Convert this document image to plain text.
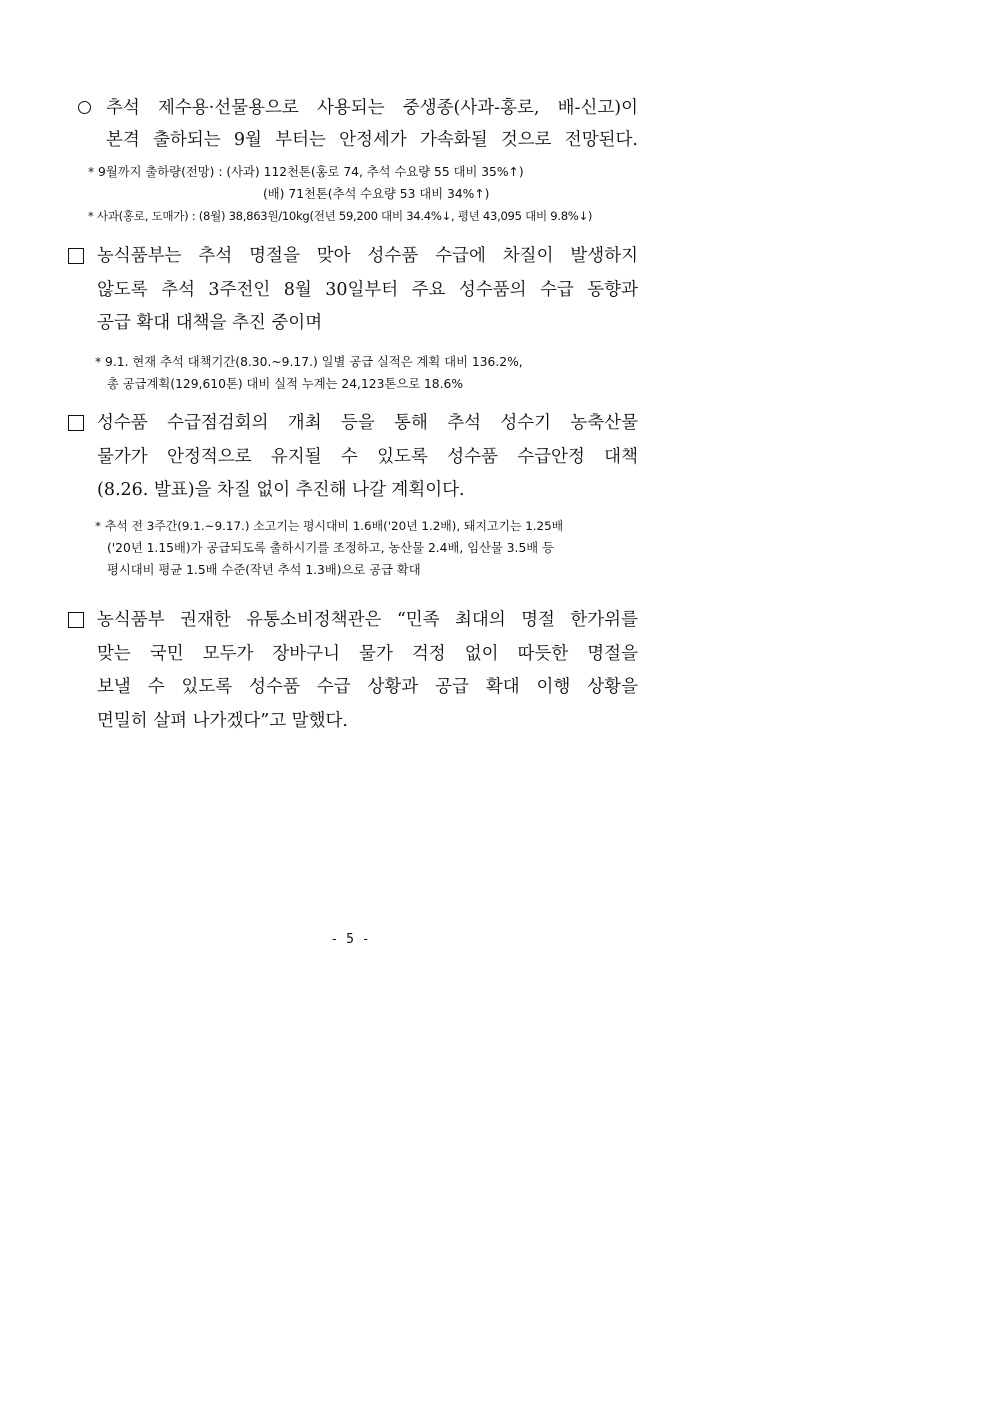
추석 제수용·선물용으로 사용되는 중생종(사과-홍로, 배-신고)이
본격 출하되는 9월 부터는 안정세가 가속화될 것으로 전망된다.
* 9월까지 출하량(전망) : (사과) 112천톤(홍로 74, 추석 수요량 55 대비 35%↑)
(배) 71천톤(추석 수요량 53 대비 34%↑)
* 사과(홍로, 도매가) : (8월) 38,863원/10kg(전년 59,200 대비 34.4%↓, 평년 43,095 대비 9.8%↓)
농식품부는 추석 명절을 맞아 성수품 수급에 차질이 발생하지
않도록 추석 3주전인 8월 30일부터 주요 성수품의 수급 동향과
공급 확대 대책을 추진 중이며
* 9.1. 현재 추석 대책기간(8.30.~9.17.) 일별 공급 실적은 계획 대비 136.2%,
총 공급계획(129,610톤) 대비 실적 누계는 24,123톤으로 18.6%
성수품 수급점검회의 개최 등을 통해 추석 성수기 농축산물
물가가 안정적으로 유지될 수 있도록 성수품 수급안정 대책
(8.26. 발표)을 차질 없이 추진해 나갈 계획이다.
* 추석 전 3주간(9.1.~9.17.) 소고기는 평시대비 1.6배('20년 1.2배), 돼지고기는 1.25배
('20년 1.15배)가 공급되도록 출하시기를 조정하고, 농산물 2.4배, 임산물 3.5배 등
평시대비 평균 1.5배 수준(작년 추석 1.3배)으로 공급 확대
농식품부 권재한 유통소비정책관은 “민족 최대의 명절 한가위를
맞는 국민 모두가 장바구니 물가 걱정 없이 따듯한 명절을
보낼 수 있도록 성수품 수급 상황과 공급 확대 이행 상황을
면밀히 살펴 나가겠다”고 말했다.
- 5 -
